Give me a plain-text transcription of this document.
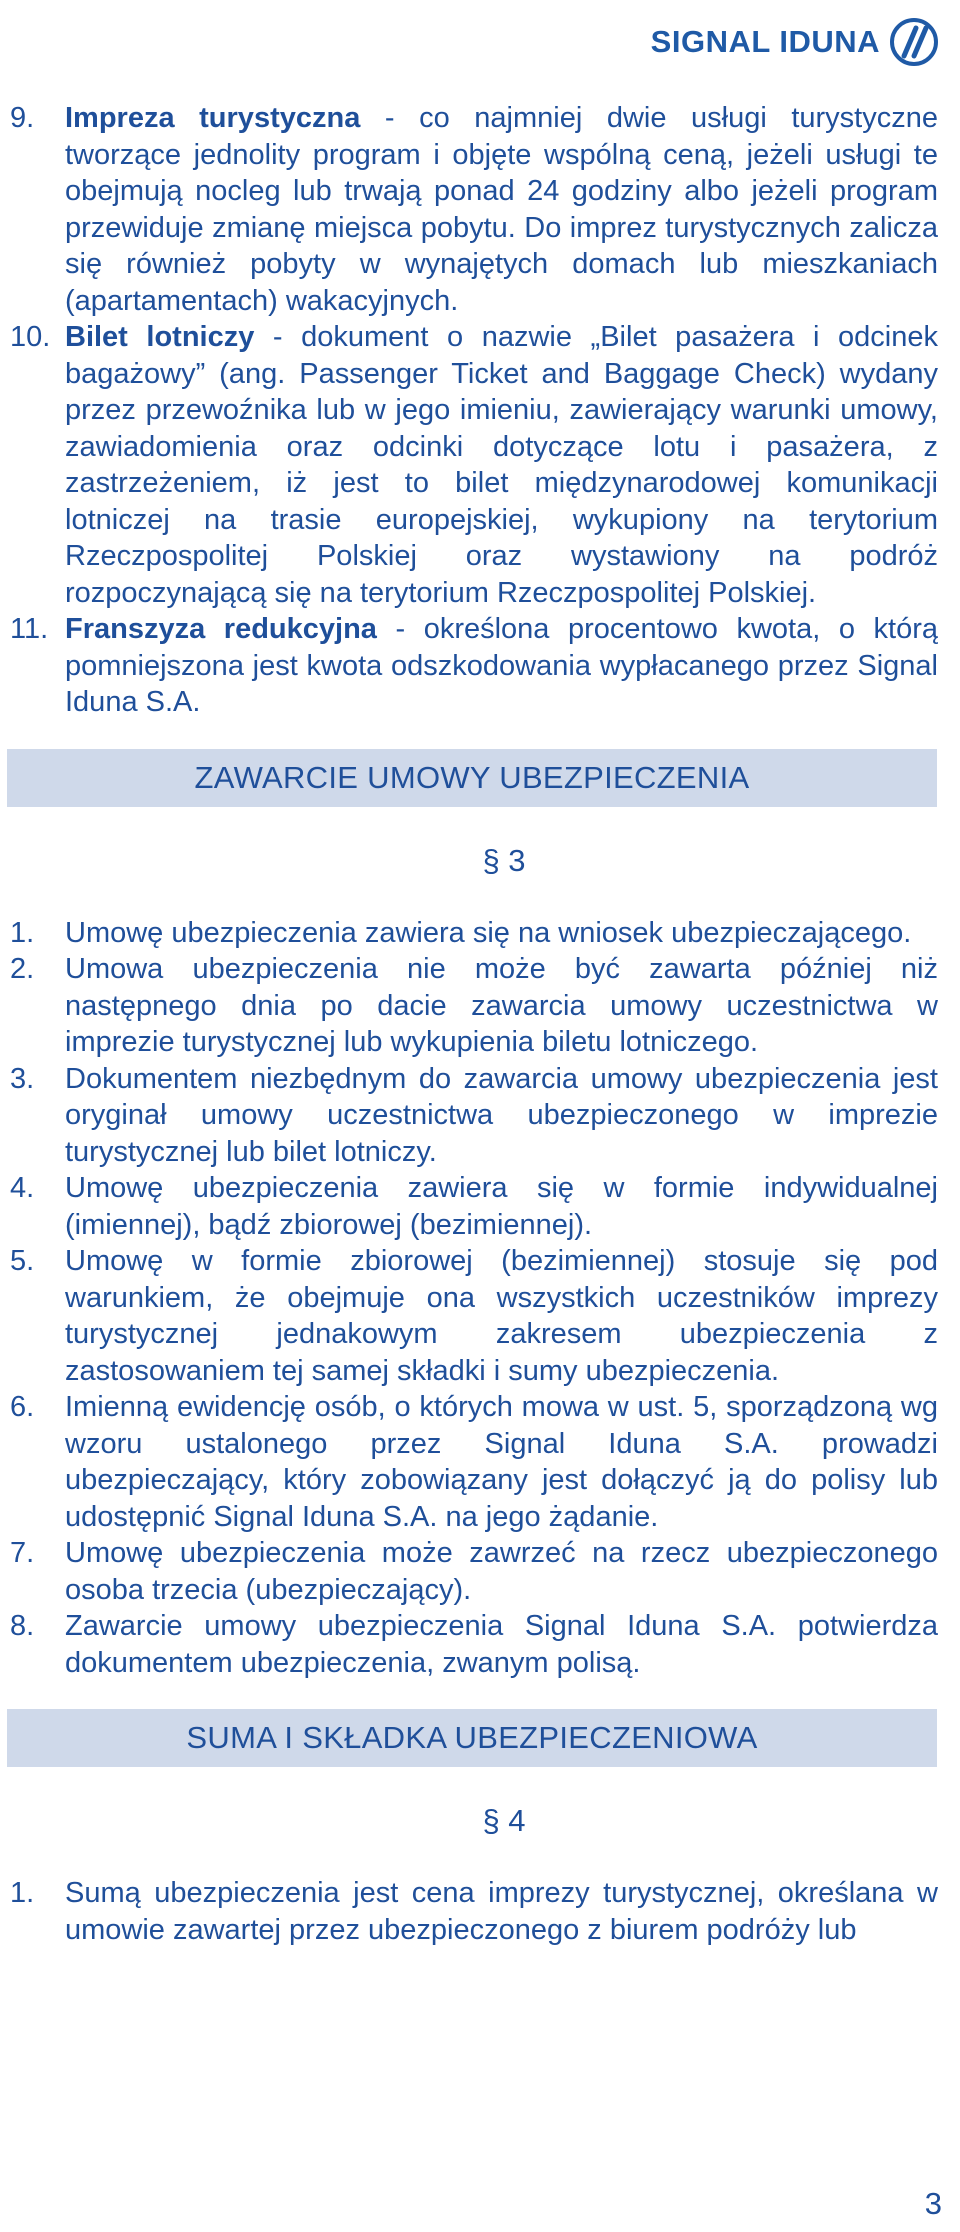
SIGNAL IDUNA
9.	Impreza turystyczna - co najmniej dwie usługi turystyczne tworzące jednolity program i objęte wspólną ceną, jeżeli usługi te obejmują nocleg lub trwają ponad 24 godziny albo jeżeli program przewiduje zmianę miejsca pobytu. Do imprez turystycznych zalicza się również pobyty w wynajętych domach lub mieszkaniach (apartamentach) wakacyjnych.
10. Bilet lotniczy - dokument o nazwie „Bilet pasażera i odcinek bagażowy” (ang. Passenger Ticket and Baggage Check) wydany przez przewoźnika lub w jego imieniu, zawierający warunki umowy, zawiadomienia oraz odcinki dotyczące lotu i pasażera, z zastrzeżeniem, iż jest to bilet międzynarodowej komunikacji lotniczej na trasie europejskiej, wykupiony na terytorium Rzeczpospolitej Polskiej oraz wystawiony na podróż rozpoczynającą się na terytorium Rzeczpospolitej Polskiej.
11. Franszyza redukcyjna - określona procentowo kwota, o którą pomniejszona jest kwota odszkodowania wypłacanego przez Signal Iduna S.A.
ZAWARCIE UMOWY UBEZPIECZENIA
§ 3
1.	Umowę ubezpieczenia zawiera się na wniosek ubezpieczającego.
2.	Umowa ubezpieczenia nie może być zawarta później niż następnego dnia po dacie zawarcia umowy uczestnictwa w imprezie turystycznej lub wykupienia biletu lotniczego.
3.	Dokumentem niezbędnym do zawarcia umowy ubezpieczenia jest oryginał umowy uczestnictwa ubezpieczonego w imprezie turystycznej lub bilet lotniczy.
4.	Umowę ubezpieczenia zawiera się w formie indywidualnej (imiennej), bądź zbiorowej (bezimiennej).
5.	Umowę w formie zbiorowej (bezimiennej) stosuje się pod warunkiem, że obejmuje ona wszystkich uczestników imprezy turystycznej jednakowym zakresem ubezpieczenia z zastosowaniem tej samej składki i sumy ubezpieczenia.
6.	Imienną ewidencję osób, o których mowa w ust. 5, sporządzoną wg wzoru ustalonego przez Signal Iduna S.A. prowadzi ubezpieczający, który zobowiązany jest dołączyć ją do polisy lub udostępnić Signal Iduna S.A. na jego żądanie.
7.	Umowę ubezpieczenia może zawrzeć na rzecz ubezpieczonego osoba trzecia (ubezpieczający).
8.	Zawarcie umowy ubezpieczenia Signal Iduna S.A. potwierdza dokumentem ubezpieczenia, zwanym polisą.
SUMA I SKŁADKA UBEZPIECZENIOWA
§ 4
1.	Sumą ubezpieczenia jest cena imprezy turystycznej, określana w umowie zawartej przez ubezpieczonego z biurem podróży lub
3
